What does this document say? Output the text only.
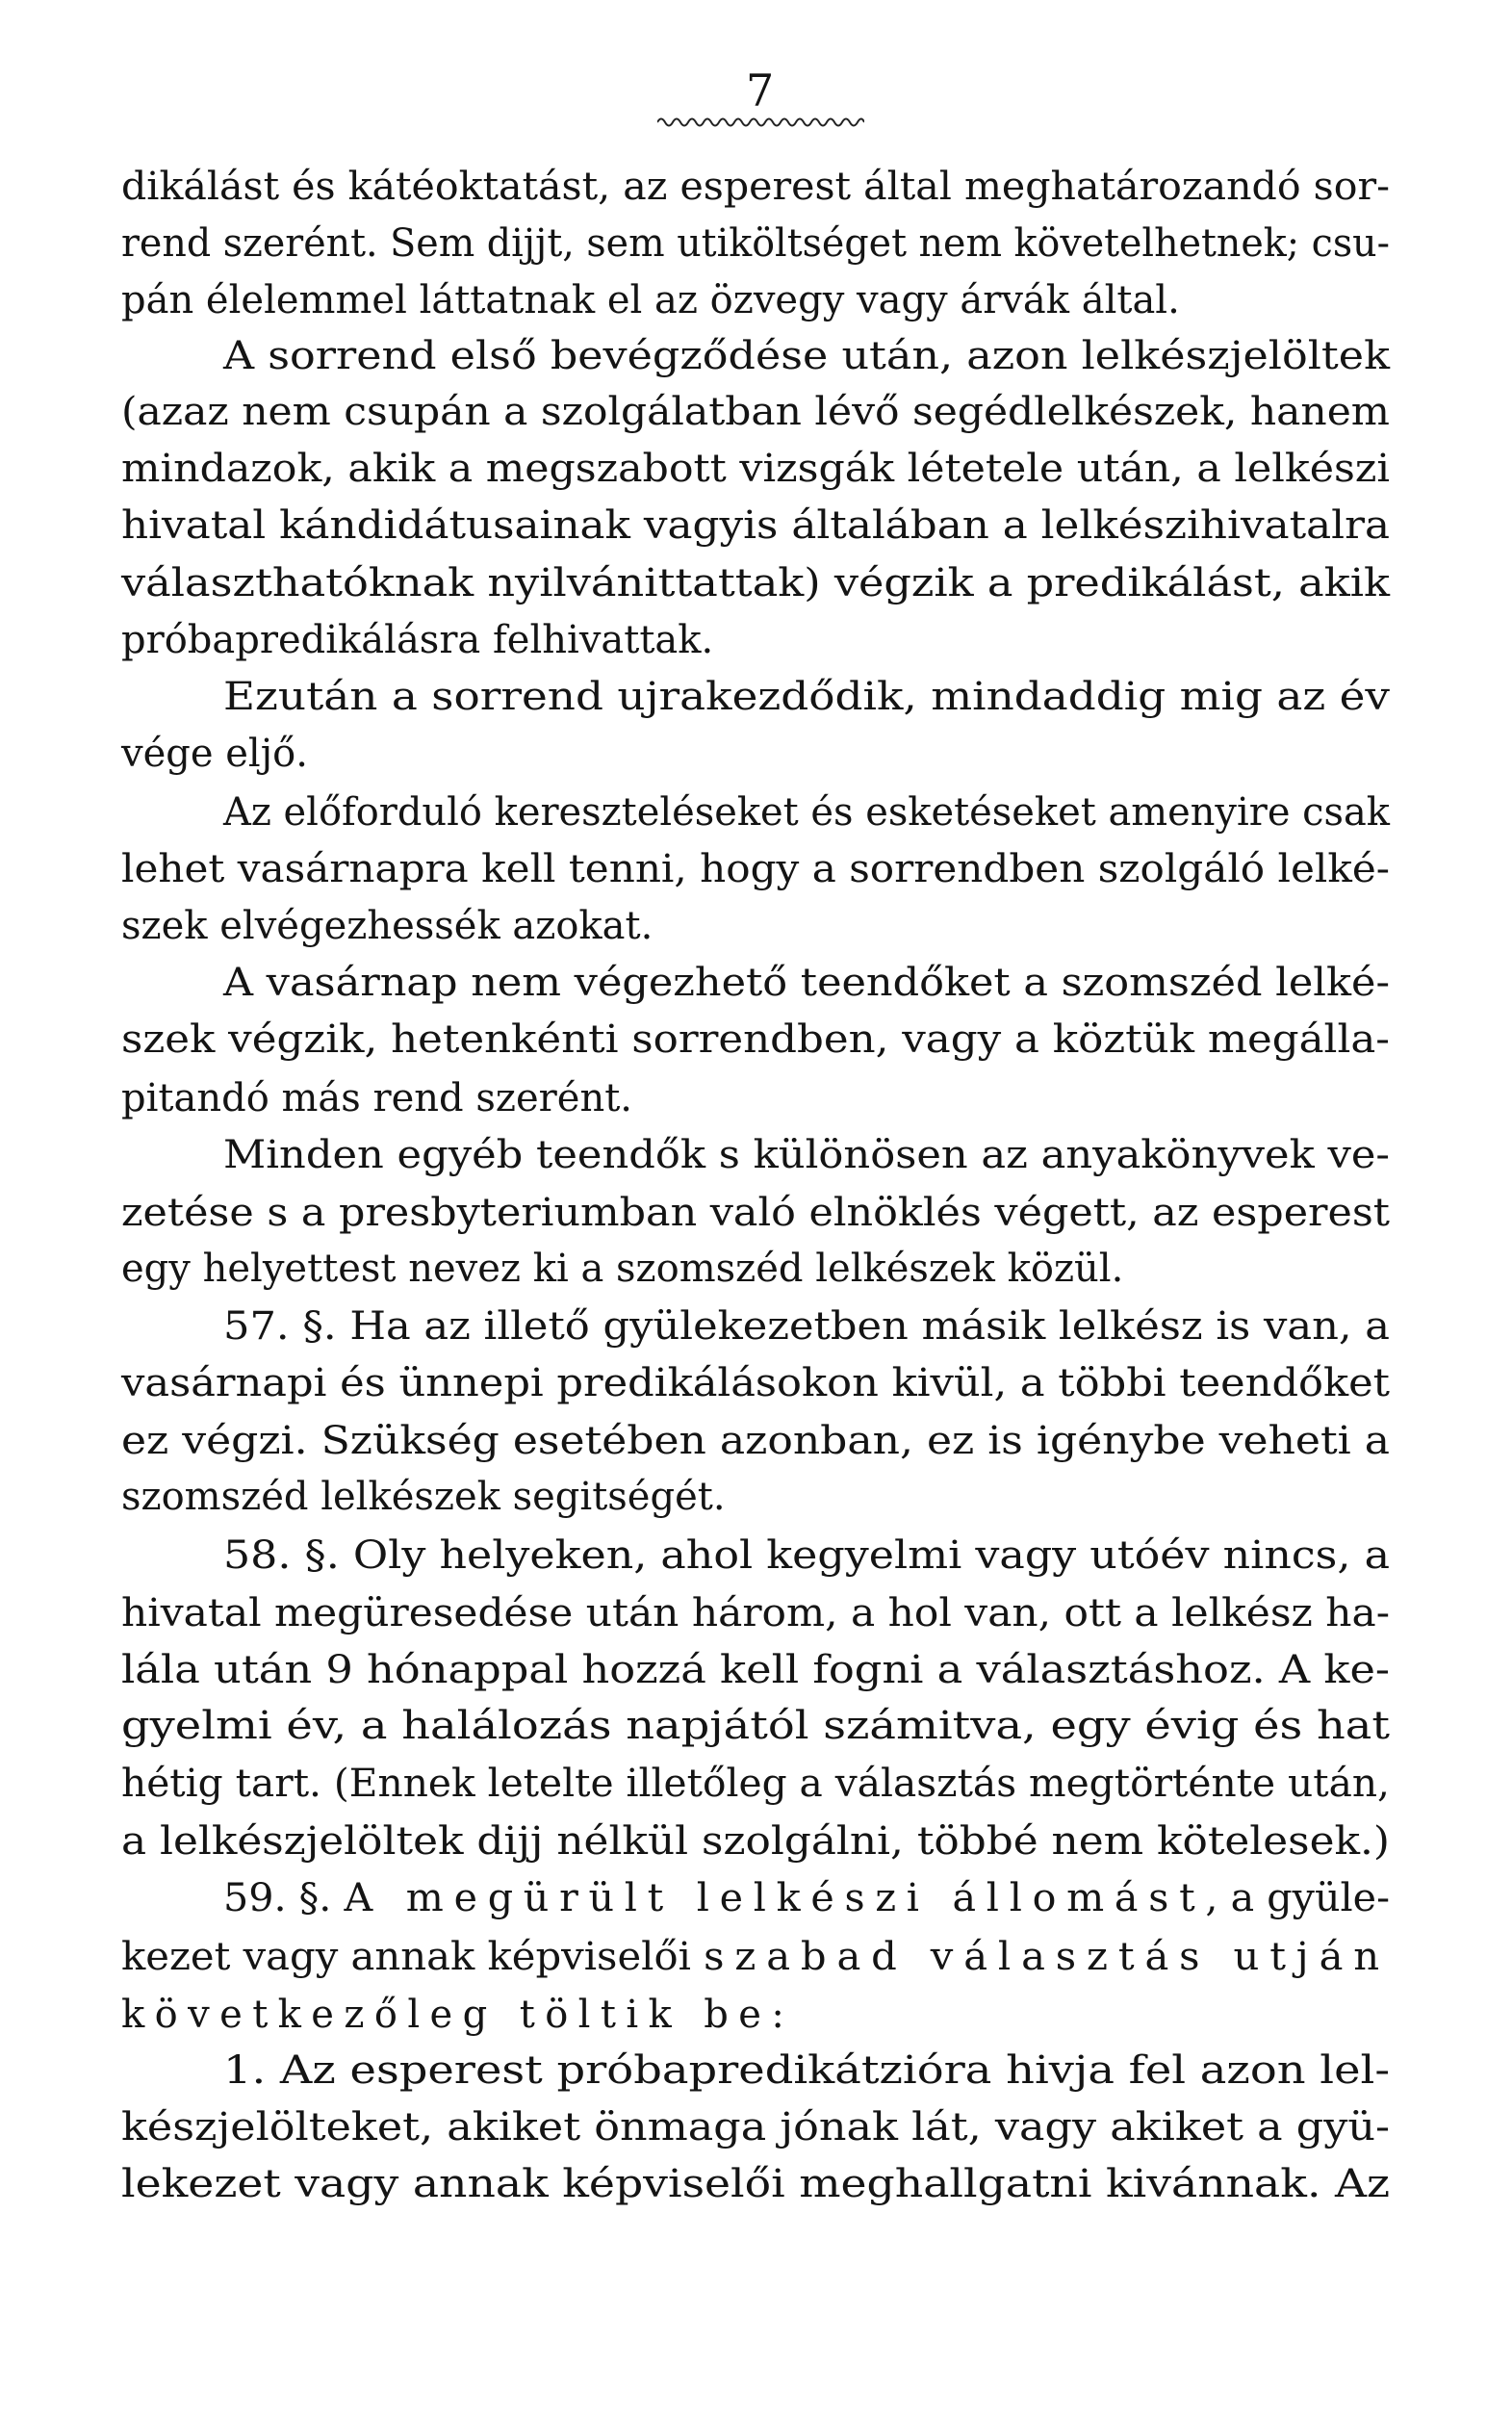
7
dikálást és kátéoktatást, az esperest által meghatározandó sor-
rend szerént. Sem dijjt, sem utiköltséget nem követelhetnek; csu-
pán élelemmel láttatnak el az özvegy vagy árvák által.
A sorrend első bevégződése után, azon lelkészjelöltek
(azaz nem csupán a szolgálatban lévő segédlelkészek, hanem
mindazok, akik a megszabott vizsgák létetele után, a lelkészi
hivatal kándidátusainak vagyis általában a lelkészihivatalra
választhatóknak nyilvánittattak) végzik a predikálást, akik
próbapredikálásra felhivattak.
Ezután a sorrend ujrakezdődik, mindaddig mig az év
vége eljő.
Az előforduló kereszteléseket és esketéseket amenyire csak
lehet vasárnapra kell tenni, hogy a sorrendben szolgáló lelké-
szek elvégezhessék azokat.
A vasárnap nem végezhető teendőket a szomszéd lelké-
szek végzik, hetenkénti sorrendben, vagy a köztük megálla-
pitandó más rend szerént.
Minden egyéb teendők s különösen az anyakönyvek ve-
zetése s a presbyteriumban való elnöklés végett, az esperest
egy helyettest nevez ki a szomszéd lelkészek közül.
57. §. Ha az illető gyülekezetben másik lelkész is van, a
vasárnapi és ünnepi predikálásokon kivül, a többi teendőket
ez végzi. Szükség esetében azonban, ez is igénybe veheti a
szomszéd lelkészek segitségét.
58. §. Oly helyeken, ahol kegyelmi vagy utóév nincs, a
hivatal megüresedése után három, a hol van, ott a lelkész ha-
lála után 9 hónappal hozzá kell fogni a választáshoz. A ke-
gyelmi év, a halálozás napjától számitva, egy évig és hat
hétig tart. (Ennek letelte illetőleg a választás megtörténte után,
a lelkészjelöltek dijj nélkül szolgálni, többé nem kötelesek.)
59. §. A megürült lelkészi állomást, a gyüle-
kezet vagy annak képviselői szabad választás utján
következőleg töltik be:
1. Az esperest próbapredikátzióra hivja fel azon lel-
készjelölteket, akiket önmaga jónak lát, vagy akiket a gyü-
lekezet vagy annak képviselői meghallgatni kivánnak. Az
